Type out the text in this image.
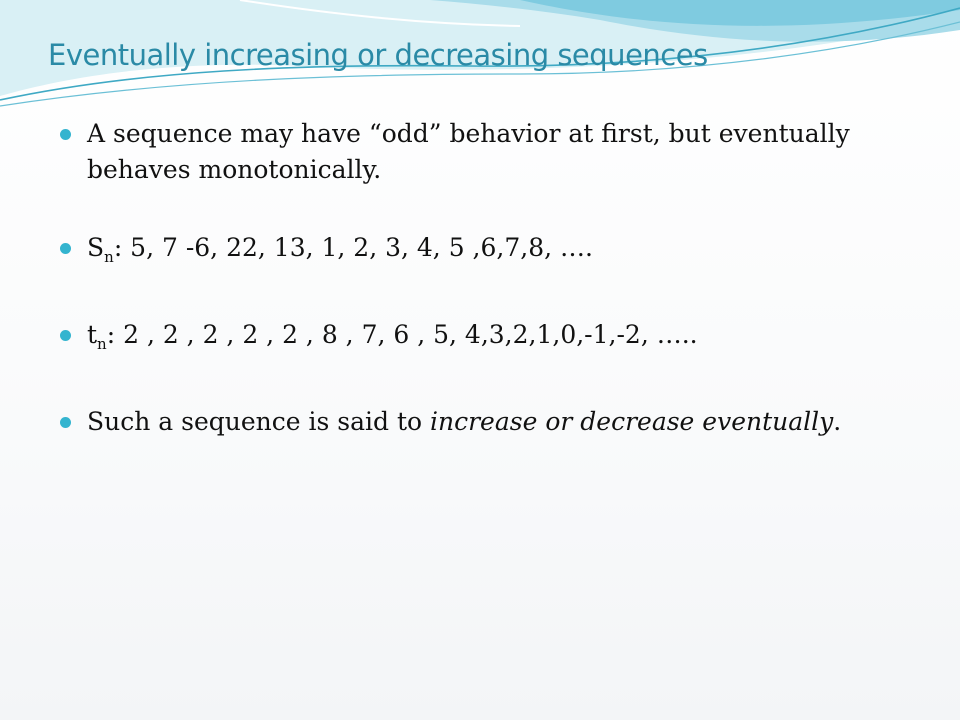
Eventually increasing or decreasing sequences
A sequence may have “odd” behavior at first, but eventually behaves monotonically.
$S_n$: 5, 7 -6, 22, 13, 1, 2, 3, 4, 5 ,6,7,8, ….
$t_n$: 2 , 2 , 2 , 2 , 2 , 8 , 7, 6 , 5, 4,3,2,1,0,-1,-2, …..
Such a sequence is said to increase or decrease eventually.
